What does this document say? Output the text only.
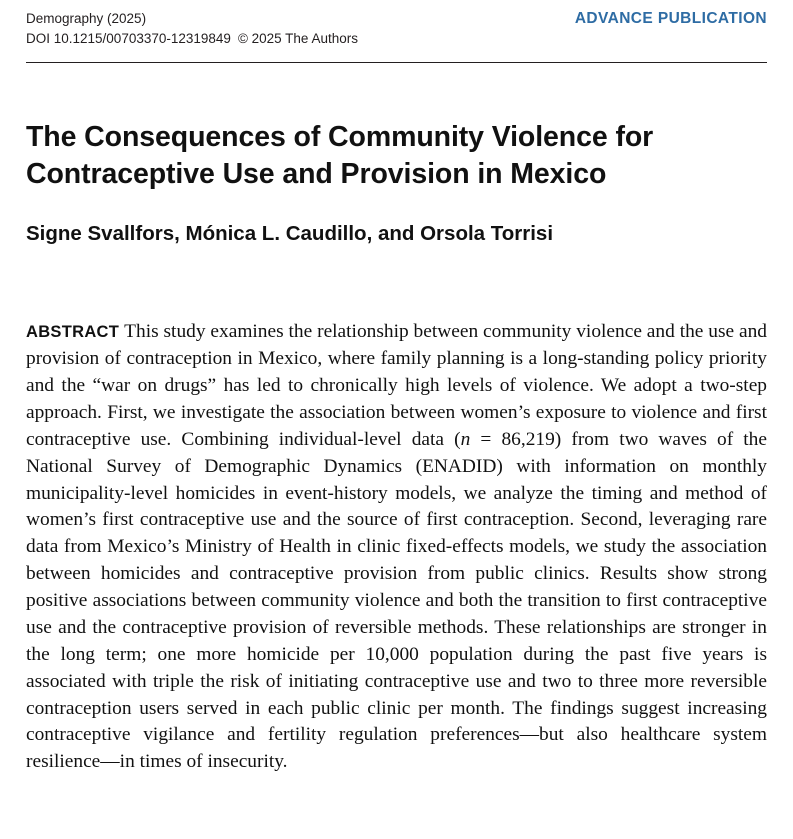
Demography (2025)
DOI 10.1215/00703370-12319849 © 2025 The Authors
ADVANCE PUBLICATION
The Consequences of Community Violence for Contraceptive Use and Provision in Mexico
Signe Svallfors, Mónica L. Caudillo, and Orsola Torrisi
ABSTRACT This study examines the relationship between community violence and the use and provision of contraception in Mexico, where family planning is a long-standing policy priority and the “war on drugs” has led to chronically high levels of violence. We adopt a two-step approach. First, we investigate the association between women’s exposure to violence and first contraceptive use. Combining individual-level data (n = 86,219) from two waves of the National Survey of Demographic Dynamics (ENADID) with information on monthly municipality-level homicides in event-history models, we analyze the timing and method of women’s first contraceptive use and the source of first contraception. Second, leveraging rare data from Mexico’s Ministry of Health in clinic fixed-effects models, we study the association between homicides and contraceptive provision from public clinics. Results show strong positive associations between community violence and both the transition to first contraceptive use and the contraceptive provision of reversible methods. These relationships are stronger in the long term; one more homicide per 10,000 population during the past five years is associated with triple the risk of initiating contraceptive use and two to three more reversible contraception users served in each public clinic per month. The findings suggest increasing contraceptive vigilance and fertility regulation preferences—but also healthcare system resilience—in times of insecurity.
